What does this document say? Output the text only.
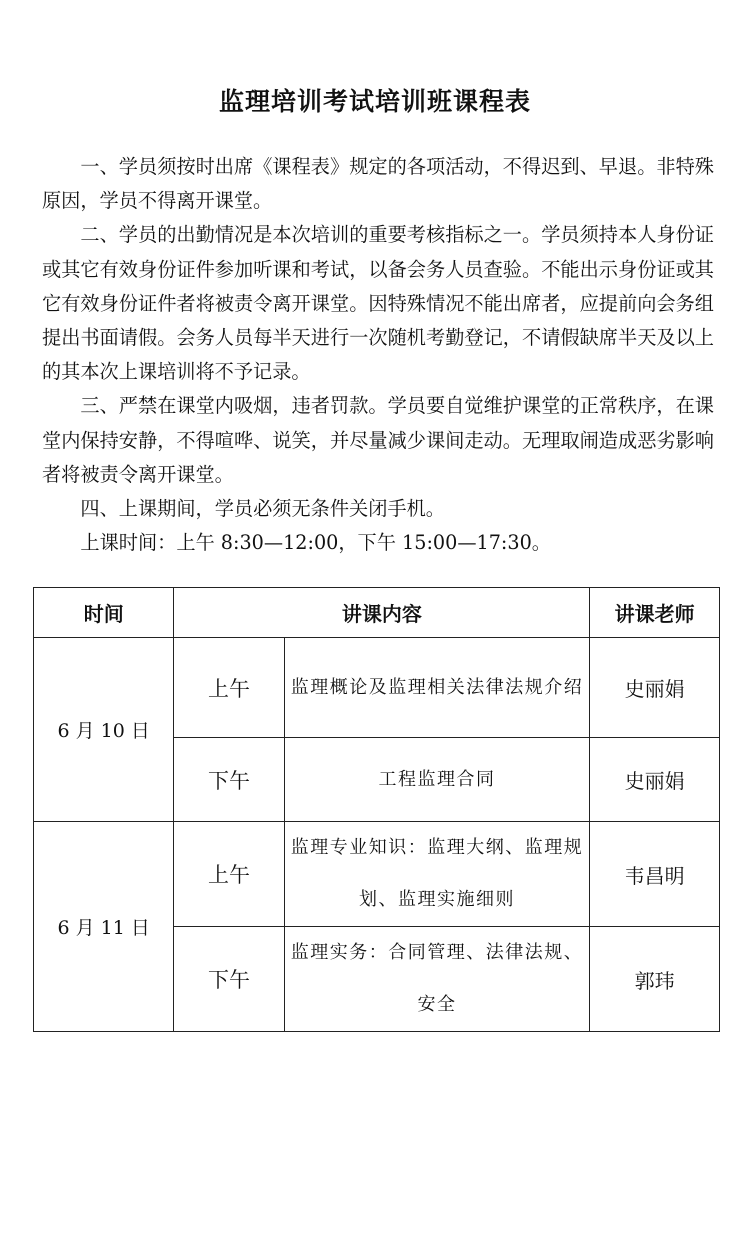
监理培训考试培训班课程表

一、学员须按时出席《课程表》规定的各项活动，不得迟到、早退。非特殊原因，学员不得离开课堂。

二、学员的出勤情况是本次培训的重要考核指标之一。学员须持本人身份证或其它有效身份证件参加听课和考试，以备会务人员查验。不能出示身份证或其它有效身份证件者将被责令离开课堂。因特殊情况不能出席者，应提前向会务组提出书面请假。会务人员每半天进行一次随机考勤登记，不请假缺席半天及以上的其本次上课培训将不予记录。

三、严禁在课堂内吸烟，违者罚款。学员要自觉维护课堂的正常秩序，在课堂内保持安静，不得喧哗、说笑，并尽量减少课间走动。无理取闹造成恶劣影响者将被责令离开课堂。

四、上课期间，学员必须无条件关闭手机。

上课时间：上午 8:30—12:00，下午 15:00—17:30。

时间	讲课内容		讲课老师
6 月 10 日	上午	监理概论及监理相关法律法规介绍	史丽娟
	下午	工程监理合同	史丽娟
6 月 11 日	上午	监理专业知识：监理大纲、监理规划、监理实施细则	韦昌明
	下午	监理实务：合同管理、法律法规、安全	郭玮
